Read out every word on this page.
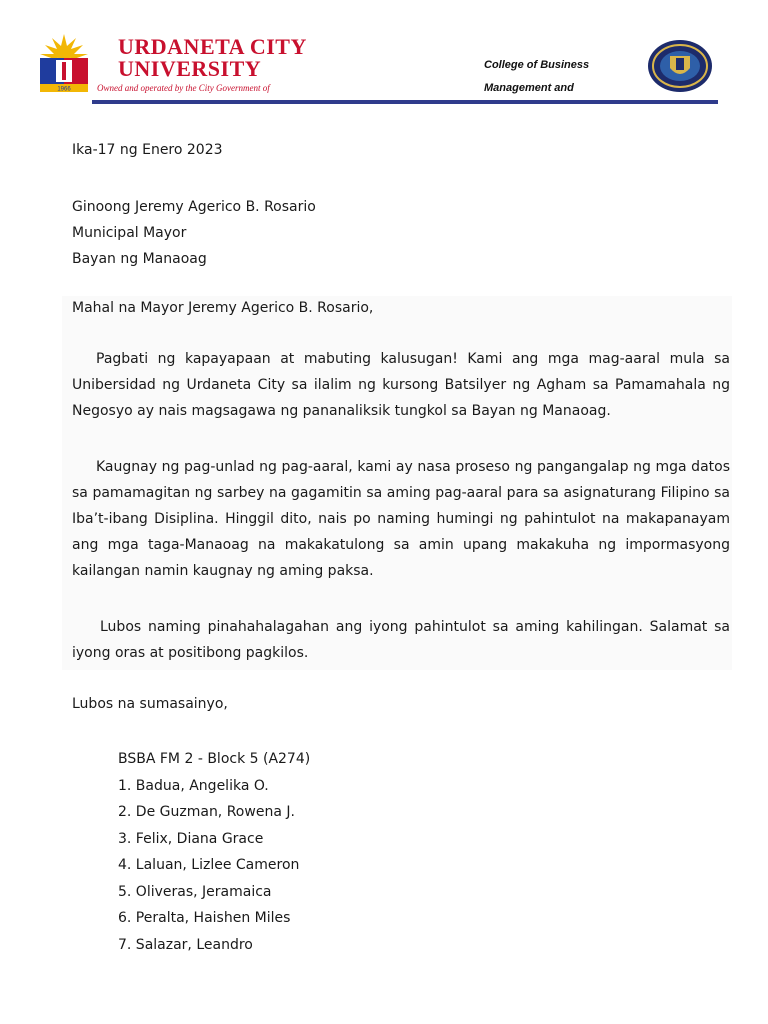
1966
URDANETA CITY
UNIVERSITY
Owned and operated by the City Government of
College of Business
Management and
Ika-17 ng Enero 2023
Ginoong Jeremy Agerico B. Rosario
Municipal Mayor
Bayan ng Manaoag
Mahal na Mayor Jeremy Agerico B. Rosario,

Pagbati ng kapayapaan at mabuting kalusugan! Kami ang mga mag-aaral mula sa Unibersidad ng Urdaneta City sa ilalim ng kursong Batsilyer ng Agham sa Pamamahala ng Negosyo ay nais magsagawa ng pananaliksik tungkol sa Bayan ng Manaoag.

Kaugnay ng pag-unlad ng pag-aaral, kami ay nasa proseso ng pangangalap ng mga datos sa pamamagitan ng sarbey na gagamitin sa aming pag-aaral para sa asignaturang Filipino sa Iba’t-ibang Disiplina. Hinggil dito, nais po naming humingi ng pahintulot na makapanayam ang mga taga-Manaoag na makakatulong sa amin upang makakuha ng impormasyong kailangan namin kaugnay ng aming paksa.

Lubos naming pinahahalagahan ang iyong pahintulot sa aming kahilingan. Salamat sa iyong oras at positibong pagkilos.

Lubos na sumasainyo,
BSBA FM 2 - Block 5 (A274)
1. Badua, Angelika O.
2. De Guzman, Rowena J.
3. Felix, Diana Grace
4. Laluan, Lizlee Cameron
5. Oliveras, Jeramaica
6. Peralta, Haishen Miles
7. Salazar, Leandro
